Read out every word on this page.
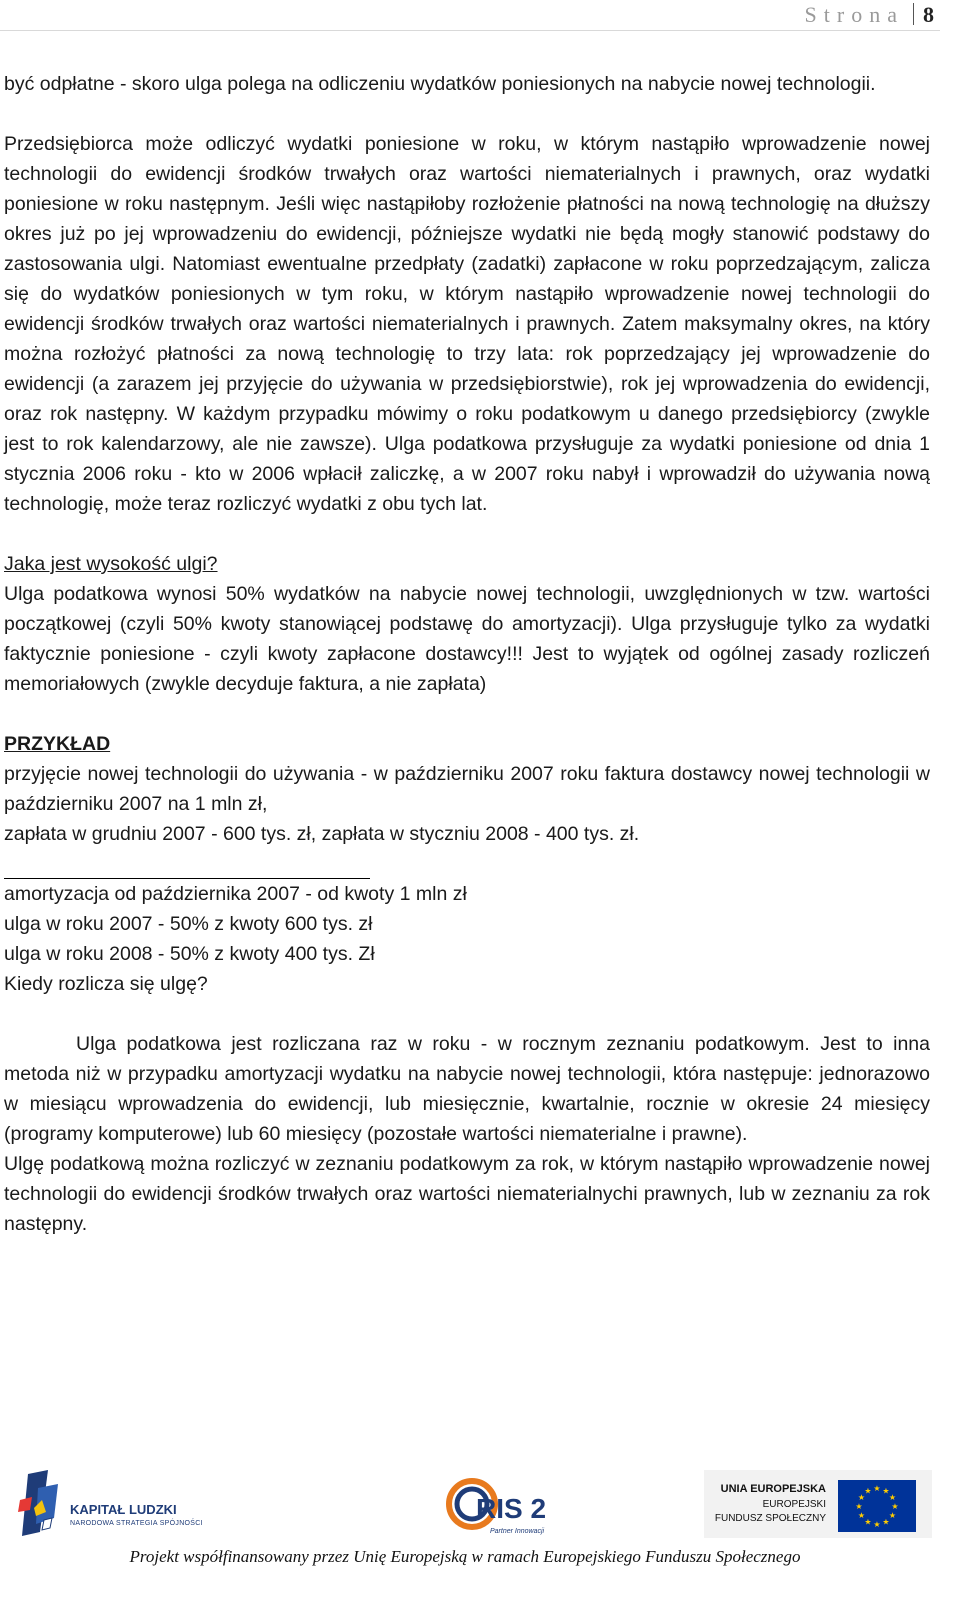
Strona 8

być odpłatne - skoro ulga polega na odliczeniu wydatków poniesionych na nabycie nowej technologii.

Przedsiębiorca może odliczyć wydatki poniesione w roku, w którym nastąpiło wprowadzenie nowej technologii do ewidencji środków trwałych oraz wartości niematerialnych i prawnych, oraz wydatki poniesione w roku następnym. Jeśli więc nastąpiłoby rozłożenie płatności na nową technologię na dłuższy okres już po jej wprowadzeniu do ewidencji, późniejsze wydatki nie będą mogły stanowić podstawy do zastosowania ulgi. Natomiast ewentualne przedpłaty (zadatki) zapłacone w roku poprzedzającym, zalicza się do wydatków poniesionych w tym roku, w którym nastąpiło wprowadzenie nowej technologii do ewidencji środków trwałych oraz wartości niematerialnych i prawnych. Zatem maksymalny okres, na który można rozłożyć płatności za nową technologię to trzy lata: rok poprzedzający jej wprowadzenie do ewidencji (a zarazem jej przyjęcie do używania w przedsiębiorstwie), rok jej wprowadzenia do ewidencji, oraz rok następny. W każdym przypadku mówimy o roku podatkowym u danego przedsiębiorcy (zwykle jest to rok kalendarzowy, ale nie zawsze). Ulga podatkowa przysługuje za wydatki poniesione od dnia 1 stycznia 2006 roku - kto w 2006 wpłacił zaliczkę, a w 2007 roku nabył i wprowadził do używania nową technologię, może teraz rozliczyć wydatki z obu tych lat.

Jaka jest wysokość ulgi?

Ulga podatkowa wynosi 50% wydatków na nabycie nowej technologii, uwzględnionych w tzw. wartości początkowej (czyli 50% kwoty stanowiącej podstawę do amortyzacji). Ulga przysługuje tylko za wydatki faktycznie poniesione - czyli kwoty zapłacone dostawcy!!! Jest to wyjątek od ogólnej zasady rozliczeń memoriałowych (zwykle decyduje faktura, a nie zapłata)

PRZYKŁAD

przyjęcie nowej technologii do używania - w październiku 2007 roku faktura dostawcy nowej technologii w październiku 2007 na 1 mln zł,

zapłata w grudniu 2007 - 600 tys. zł, zapłata w styczniu 2008 - 400 tys. zł.

amortyzacja od października 2007 - od kwoty 1 mln zł

ulga w roku 2007 - 50% z kwoty 600 tys. zł

ulga w roku 2008 - 50% z kwoty 400 tys. Zł

Kiedy rozlicza się ulgę?

Ulga podatkowa jest rozliczana raz w roku - w rocznym zeznaniu podatkowym. Jest to inna metoda niż w przypadku amortyzacji wydatku na nabycie nowej technologii, która następuje: jednorazowo w miesiącu wprowadzenia do ewidencji, lub miesięcznie, kwartalnie, rocznie w okresie 24 miesięcy (programy komputerowe) lub 60 miesięcy (pozostałe wartości niematerialne i prawne).

Ulgę podatkową można rozliczyć w zeznaniu podatkowym za rok, w którym nastąpiło wprowadzenie nowej technologii do ewidencji środków trwałych oraz wartości niematerialnychi prawnych, lub w zeznaniu za rok następny.

KAPITAŁ LUDZKI
NARODOWA STRATEGIA SPÓJNOŚCI	RIS 2
Partner Innowacji
UNIA EUROPEJSKA
EUROPEJSKI
FUNDUSZ SPOŁECZNY
★ ★
★
★
★
★
★
★
★
★
★
★
Projekt współfinansowany przez Unię Europejską w ramach Europejskiego Funduszu Społecznego
